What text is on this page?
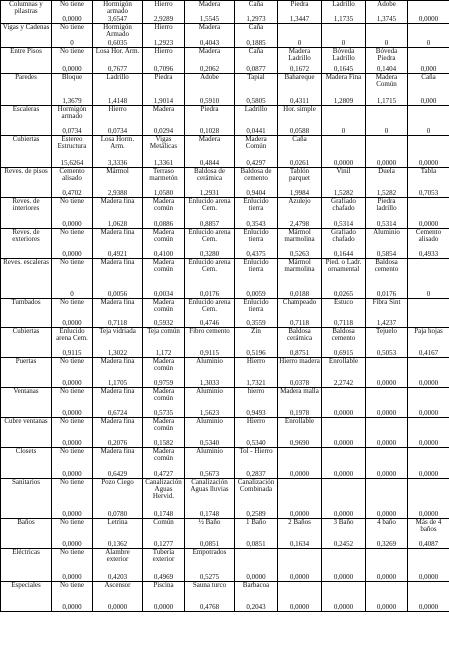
Columnas y pilastras	No tiene	Hormigón armado	Hierro	Madera	Caña	Piedra	Ladrillo	Adobe	
	0,0000	3,6547	2,9289	1,5545	1,2973	1,3447	1,1735	1,3745	0,0000
Vigas y Cadenas	No tiene	Hormigón Armado	Hierro	Madera	Caña				
	0	0,6035	1,2923	0,4043	0,1885	0	0	0	0
Entre Pisos	No tiene	Losa Hor. Arm.	Hierro	Madera	Caña	Madera Ladrillo	Bóveda Ladrillo	Bóveda Piedra	
	0,0000	0,7677	0,7096	0,2062	0,0877	0,1672	0,1645	0,1404	0,000
Paredes	Bloque	Ladrillo	Piedra	Adobe	Tapial	Bahareque	Madera Fina	Madera Común	Caña
	1,3679	1,4148	1,9014	0,5910	0,5805	0,4311	1,2809	1,1715	0,000
Escaleras	Hormigón armado	Hierro	Madera	Piedra	Ladrillo	Hor. simple			
	0,0734	0,0734	0,0294	0,1028	0,0441	0,0588	0	0	0
Cubiertas	Estereo Estructura	Losa Horm. Arm.	Vigas Metálicas	Madera	Madera Común	Caña			
	15,6264	3,3336	1,3361	0,4844	0,4297	0,0261	0,0000	0,0000	0,0000
Reves. de pisos	Cemento alisado	Mármol	Terraso marmetón	Baldosa de cerámica	Baldosa de cemento	Tablón parquet	Vinil	Duela	Tabla
	0,4702	2,9388	1,0580	1,2931	0,9404	1,9984	1,5282	1,5282	0,7053
Reves. de interiores	No tiene	Madera fina	Madera común	Enlucido arena Cem.	Enlucido tierra	Azulejo	Grafiado chafado	Piedra ladrillo	
	0,0000	1,0628	0,0886	0,8857	0,3543	2,4798	0,5314	0,5314	0,0000
Reves. de exteriores	No tiene	Madera fina	Madera común	Enlucido arena Cem.	Enlucido tierra	Mármol marmolina	Grafiado chafado	Aluminio	Cemento alisado
	0,0000	0,4921	0,4100	0,3280	0,4375	0,5263	0,1644	0,5854	0,4933
Reves. escaleras	No tiene	Madera fina	Madera común	Enlucido arena Cem.	Enlucido tierra	Mármol marmolina	Pied. o Ladr. ornamental	Baldosa cemento	
	0	0,0056	0,0034	0,0176	0,0059	0,0188	0,0265	0,0176	0
Tumbados	No tiene	Madera fina	Madera común	Enlucido arena Cem.	Enlucido tierra	Champeado	Estuco	Fibra Sint	
	0,0000	0,7118	0,5932	0,4746	0,3559	0,7118	0,7118	1,4237	
Cubiertas	Enlucido arena Cem.	Teja vidriada	Teja común	Fibro cemento	Zin	Baldosa cerámica	Baldosa cemento	Tejuelo	Paja hojas
	0,9115	1,3022	1,172	0,9115	0,5196	0,8751	0,6915	0,5053	0,4167
Puertas	No tiene	Madera fina	Madera común	Aluminio	Hierro	Hierro madera	Enrollable		
	0,0000	1,1705	0,9759	1,3033	1,7321	0,0378	2,2742	0,0000	0,0000
Ventanas	No tiene	Madera fina	Madera común	Aluminio	hierro	Madera malla			
	0,0000	0,6724	0,5735	1,5623	0,9493	0,1978	0,0000	0,0000	0,0000
Cubre ventanas	No tiene	Madera fina	Madera común	Aluminio	Hierro	Enrollable			
	0,0000	0,2076	0,1582	0,5340	0,5340	0,9690	0,0000	0,0000	0,0000
Closets	No tiene	Madera fina	Madera común	Aluminio	Tol - Hierro				
	0,0000	0,6429	0,4727	0,5673	0,2837	0,0000	0,0000	0,0000	0,0000
Sanitarios	No tiene	Pozo Ciego	Canalización Aguas Hervid.	Canalización Aguas lluvias	Canalización Combinada				
	0,0000	0,0780	0,1748	0,1748	0,2589	0,0000	0,0000	0,0000	0,0000
Baños	No tiene	Letrina	Común	½ Baño	1 Baño	2 Baños	3 Baño	4 baño	Más de 4 baños
	0,0000	0,1362	0,1277	0,0851	0,0851	0,1634	0,2452	0,3269	0,4087
Eléctricas	No tiene	Alambre exterior	Tubería exterior	Empotrados					
	0,0000	0,4203	0,4969	0,5275	0,0000	0,0000	0,0000	0,0000	0,0000
Especiales	No tiene	Ascensor	Piscina	Sauna turco	Barbacoa				
	0,0000	0,0000	0,0000	0,4768	0,2043	0,0000	0,0000	0,0000	0,0000
